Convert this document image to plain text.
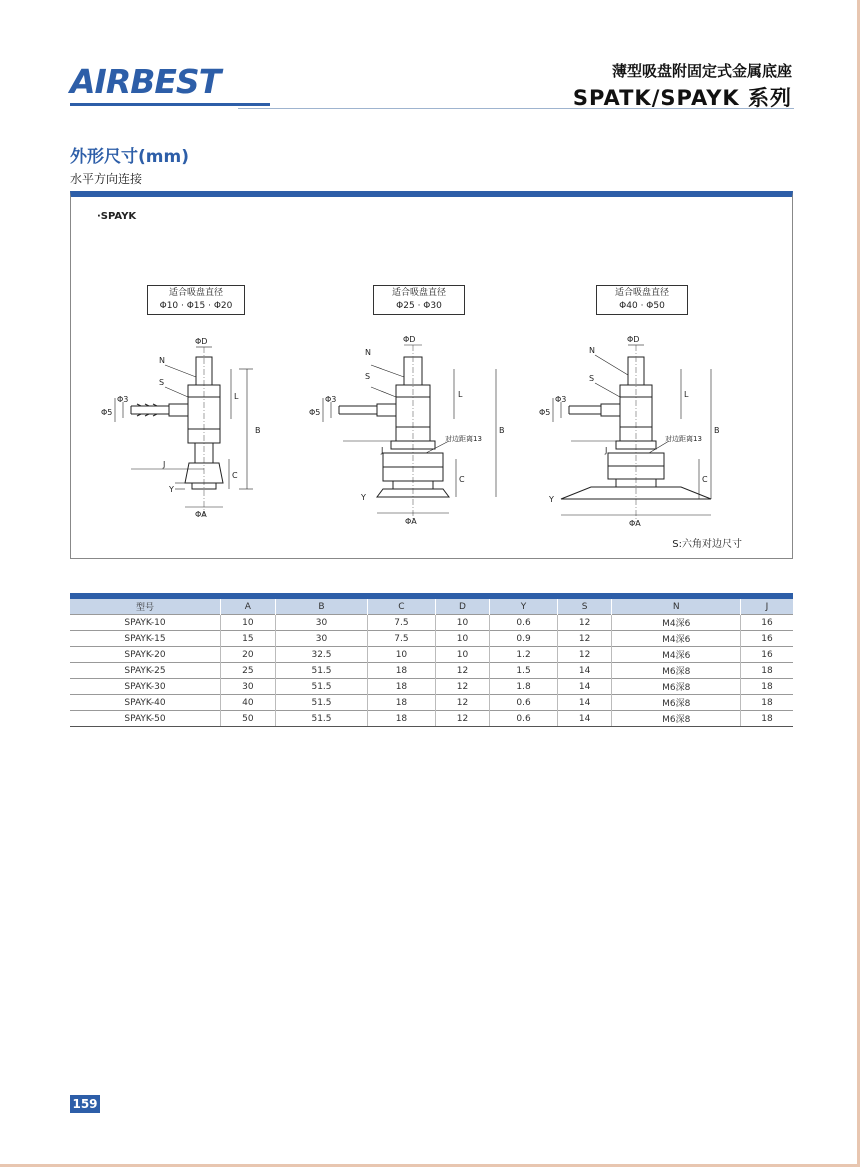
AIRBEST	薄型吸盘附固定式金属底座
SPATK/SPAYK 系列
外形尺寸(mm)
水平方向连接
·SPAYK
适合吸盘直径
Φ10 · Φ15 · Φ20
适合吸盘直径
Φ25 · Φ30
适合吸盘直径
Φ40 · Φ50
ΦD
N
S
L
B
C
J
Y
ΦA
Φ5
Φ3
ΦD
N
S
L
B
C
J
Y
ΦA
Φ5
Φ3
对边距离13
ΦD
N
S
L
B
C
J
Y
ΦA
Φ5
Φ3
对边距离13
S:六角对边尺寸
型号	A	B	C	D	Y	S	N	J
SPAYK-10	10	30	7.5	10	0.6	12	M4深6	16
SPAYK-15	15	30	7.5	10	0.9	12	M4深6	16
SPAYK-20	20	32.5	10	10	1.2	12	M4深6	16
SPAYK-25	25	51.5	18	12	1.5	14	M6深8	18
SPAYK-30	30	51.5	18	12	1.8	14	M6深8	18
SPAYK-40	40	51.5	18	12	0.6	14	M6深8	18
SPAYK-50	50	51.5	18	12	0.6	14	M6深8	18
159
